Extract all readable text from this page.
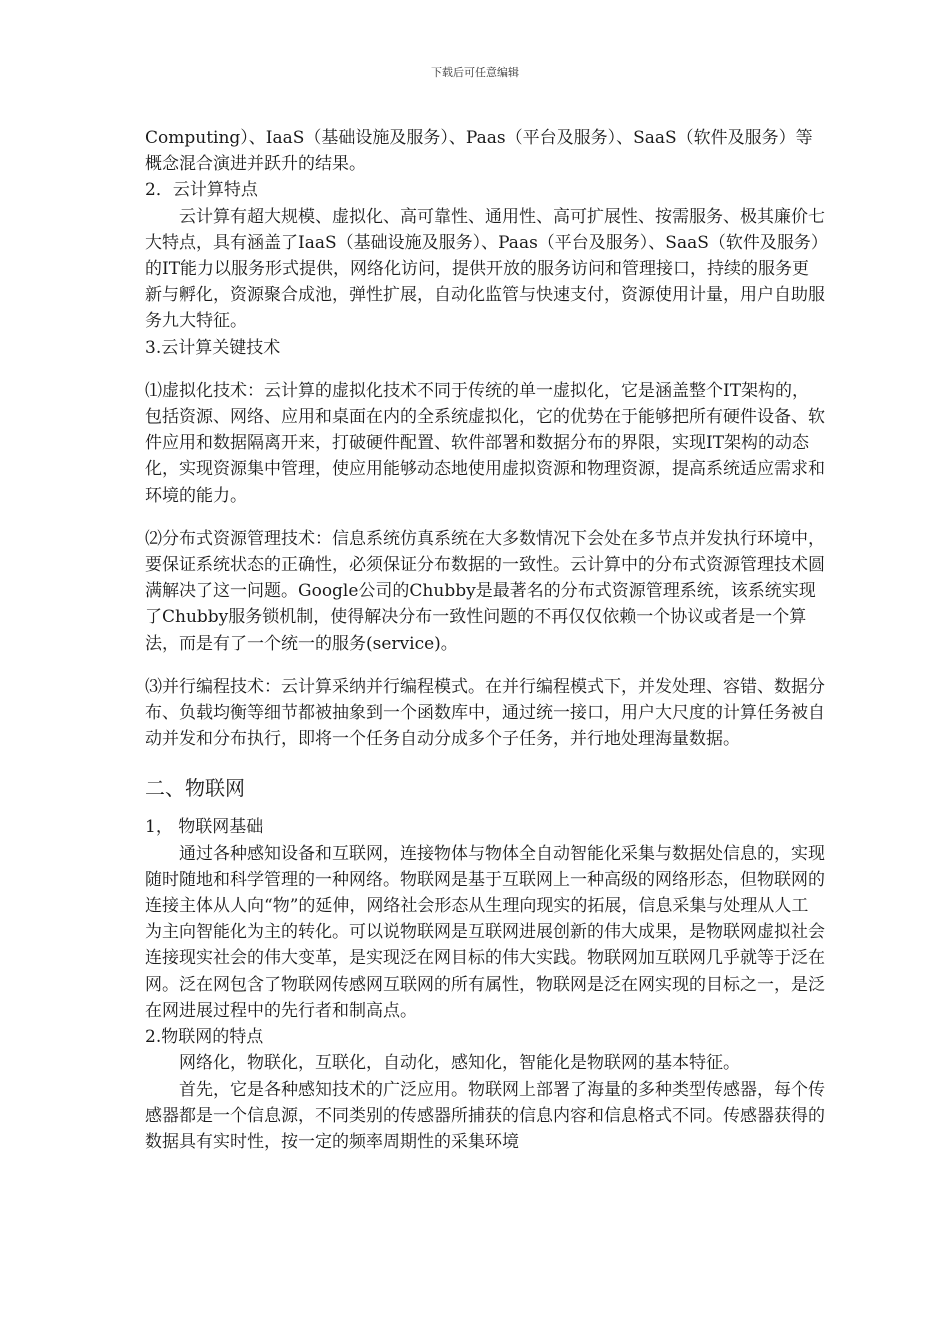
下载后可任意编辑

Computing）、IaaS（基础设施及服务）、Paas（平台及服务）、SaaS（软件及服务）等概念混合演进并跃升的结果。

2．云计算特点

云计算有超大规模、虚拟化、高可靠性、通用性、高可扩展性、按需服务、极其廉价七大特点，具有涵盖了IaaS（基础设施及服务）、Paas（平台及服务）、SaaS（软件及服务）的IT能力以服务形式提供，网络化访问，提供开放的服务访问和管理接口，持续的服务更新与孵化，资源聚合成池，弹性扩展，自动化监管与快速支付，资源使用计量，用户自助服务九大特征。

3.云计算关键技术

⑴虚拟化技术：云计算的虚拟化技术不同于传统的单一虚拟化，它是涵盖整个IT架构的，包括资源、网络、应用和桌面在内的全系统虚拟化，它的优势在于能够把所有硬件设备、软件应用和数据隔离开来，打破硬件配置、软件部署和数据分布的界限，实现IT架构的动态化，实现资源集中管理，使应用能够动态地使用虚拟资源和物理资源，提高系统适应需求和环境的能力。

⑵分布式资源管理技术：信息系统仿真系统在大多数情况下会处在多节点并发执行环境中，要保证系统状态的正确性，必须保证分布数据的一致性。云计算中的分布式资源管理技术圆满解决了这一问题。Google公司的Chubby是最著名的分布式资源管理系统，该系统实现了Chubby服务锁机制，使得解决分布一致性问题的不再仅仅依赖一个协议或者是一个算法，而是有了一个统一的服务(service)。

⑶并行编程技术：云计算采纳并行编程模式。在并行编程模式下，并发处理、容错、数据分布、负载均衡等细节都被抽象到一个函数库中，通过统一接口，用户大尺度的计算任务被自动并发和分布执行，即将一个任务自动分成多个子任务，并行地处理海量数据。

二、物联网

1， 物联网基础

通过各种感知设备和互联网，连接物体与物体全自动智能化采集与数据处信息的，实现随时随地和科学管理的一种网络。物联网是基于互联网上一种高级的网络形态，但物联网的连接主体从人向“物”的延伸，网络社会形态从生理向现实的拓展，信息采集与处理从人工为主向智能化为主的转化。可以说物联网是互联网进展创新的伟大成果，是物联网虚拟社会连接现实社会的伟大变革，是实现泛在网目标的伟大实践。物联网加互联网几乎就等于泛在网。泛在网包含了物联网传感网互联网的所有属性，物联网是泛在网实现的目标之一，是泛在网进展过程中的先行者和制高点。

2.物联网的特点

网络化，物联化，互联化，自动化，感知化，智能化是物联网的基本特征。

首先，它是各种感知技术的广泛应用。物联网上部署了海量的多种类型传感器，每个传感器都是一个信息源，不同类别的传感器所捕获的信息内容和信息格式不同。传感器获得的数据具有实时性，按一定的频率周期性的采集环境
